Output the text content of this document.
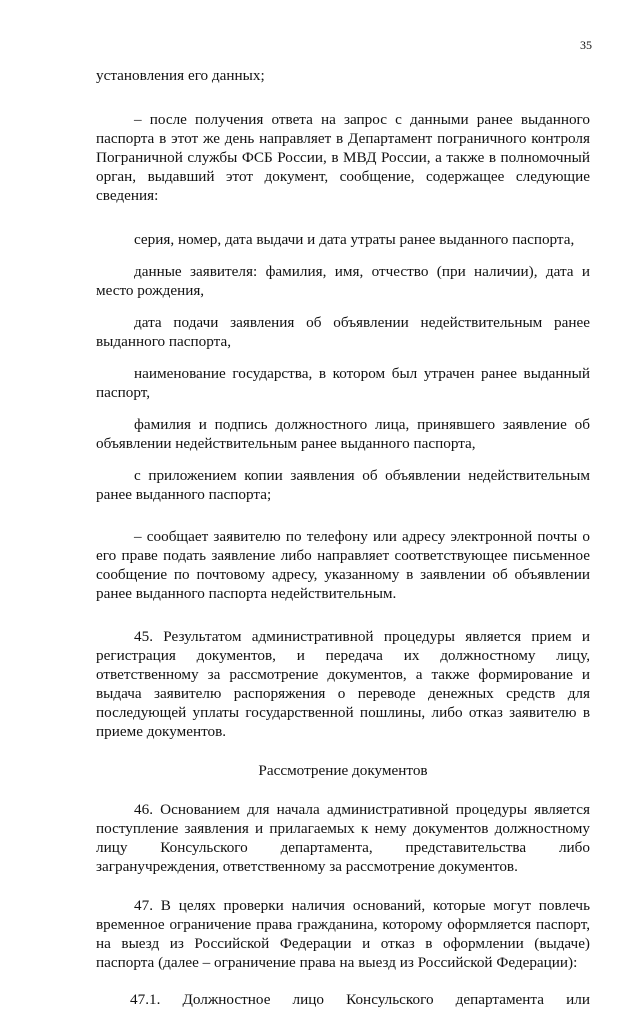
35

установления его данных;

– после получения ответа на запрос с данными ранее выданного паспорта в этот же день направляет в Департамент пограничного контроля Пограничной службы ФСБ России, в МВД России, а также в полномочный орган, выдавший этот документ, сообщение, содержащее следующие сведения:

серия, номер, дата выдачи и дата утраты ранее выданного паспорта,

данные заявителя: фамилия, имя, отчество (при наличии), дата и место рождения,

дата подачи заявления об объявлении недействительным ранее выданного паспорта,

наименование государства, в котором был утрачен ранее выданный паспорт,

фамилия и подпись должностного лица, принявшего заявление об объявлении недействительным ранее выданного паспорта,

с приложением копии заявления об объявлении недействительным ранее выданного паспорта;

– сообщает заявителю по телефону или адресу электронной почты о его праве подать заявление либо направляет соответствующее письменное сообщение по почтовому адресу, указанному в заявлении об объявлении ранее выданного паспорта недействительным.

45. Результатом административной процедуры является прием и регистрация документов, и передача их должностному лицу, ответственному за рассмотрение документов, а также формирование и выдача заявителю распоряжения о переводе денежных средств для последующей уплаты государственной пошлины, либо отказ заявителю в приеме документов.

Рассмотрение документов

46. Основанием для начала административной процедуры является поступление заявления и прилагаемых к нему документов должностному лицу Консульского департамента, представительства либо загранучреждения, ответственному за рассмотрение документов.

47. В целях проверки наличия оснований, которые могут повлечь временное ограничение права гражданина, которому оформляется паспорт, на выезд из Российской Федерации и отказ в оформлении (выдаче) паспорта (далее – ограничение права на выезд из Российской Федерации):

47.1. Должностное лицо Консульского департамента или
